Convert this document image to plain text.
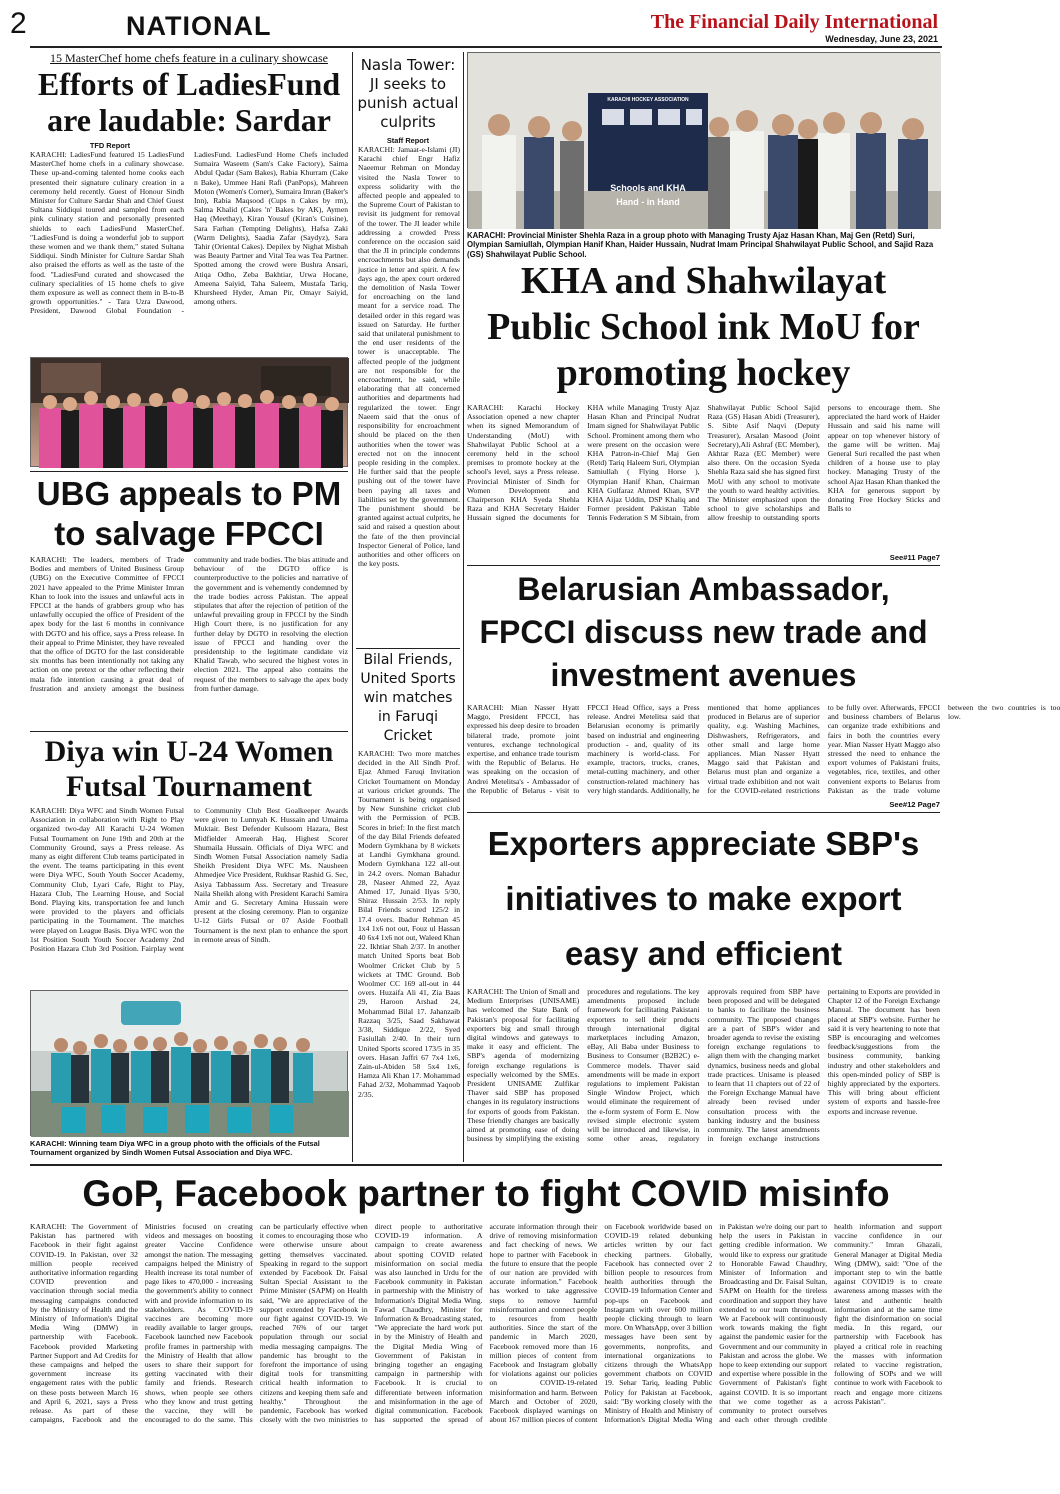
2	NATIONAL	The Financial Daily International
Wednesday, June 23, 2021
15 MasterChef home chefs feature in a culinary showcase
Efforts of LadiesFund are laudable: Sardar
TFD Report
KARACHI: LadiesFund featured 15 LadiesFund MasterChef home chefs in a culinary showcase. These up-and-coming talented home cooks each presented their signature culinary creation in a ceremony held recently. Guest of Honour Sindh Minister for Culture Sardar Shah and Chief Guest Sultana Siddiqui toured and sampled from each pink culinary station and personally presented shields to each LadiesFund MasterChef. "LadiesFund is doing a wonderful job to support these women and we thank them," stated Sultana Siddiqui. Sindh Minister for Culture Sardar Shah also praised the efforts as well as the taste of the food. "LadiesFund curated and showcased the culinary specialities of 15 home chefs to give them exposure as well as connect them in B-to-B growth opportunities." - Tara Uzra Dawood, President, Dawood Global Foundation - LadiesFund. LadiesFund Home Chefs included Sumaira Waseem (Sam's Cake Factory), Saima Abdul Qadar (Sam Bakes), Rabia Khurram (Cake n Bake), Ummee Hani Rafi (PanPops), Mahreen Moton (Women's Corner), Sumaira Imran (Baker's Inn), Rabia Maqsood (Cups n Cakes by rm), Salma Khalid (Cakes 'n' Bakes by AK), Aymen Haq (Meethay), Kiran Yousuf (Kiran's Cuisine), Sara Farhan (Tempting Delights), Hafsa Zaki (Warm Delights), Saadia Zafar (Saydyz), Sara Tahir (Oriental Cakes). Depilex by Nighat Misbah was Beauty Partner and Vital Tea was Tea Partner. Spotted among the crowd were Bushra Ansari, Atiqa Odho, Zeba Bakhtiar, Urwa Hocane, Ameena Saiyid, Taha Saleem, Mustafa Tariq, Khursheed Hyder, Aman Pir, Omayr Saiyid, among others.
UBG appeals to PM to salvage FPCCI
KARACHI: The leaders, members of Trade Bodies and members of United Business Group (UBG) on the Executive Committee of FPCCI 2021 have appealed to the Prime Minister Imran Khan to look into the issues and unlawful acts in FPCCI at the hands of grabbers group who has unlawfully occupied the office of President of the apex body for the last 6 months in connivance with DGTO and his office, says a Press release. In their appeal to Prime Minister, they have revealed that the office of DGTO for the last considerable six months has been intentionally not taking any action on one pretext or the other reflecting their mala fide intention causing a great deal of frustration and anxiety amongst the business community and trade bodies. The bias attitude and behaviour of the DGTO office is counterproductive to the policies and narrative of the government and is vehemently condemned by the trade bodies across Pakistan. The appeal stipulates that after the rejection of petition of the unlawful prevailing group in FPCCI by the Sindh High Court there, is no justification for any further delay by DGTO in resolving the election issue of FPCCI and handing over the presidentship to the legitimate candidate viz Khalid Tawab, who secured the highest votes in election 2021. The appeal also contains the request of the members to salvage the apex body from further damage.
Diya win U-24 Women Futsal Tournament
KARACHI: Diya WFC and Sindh Women Futsal Association in collaboration with Right to Play organized two-day All Karachi U-24 Women Futsal Tournament on June 19th and 20th at the Community Ground, says a Press release. As many as eight different Club teams participated in the event. The teams participating in this event were Diya WFC, South Youth Soccer Academy, Community Club, Lyari Cafe, Right to Play, Hazara Club, The Learning House, and Social Bond. Playing kits, transportation fee and lunch were provided to the players and officials participating in the Tournament. The matches were played on League Basis. Diya WFC won the 1st Position South Youth Soccer Academy 2nd Position Hazara Club 3rd Position. Fairplay went to Community Club Best Goalkeeper Awards were given to Lunnyah K. Hussain and Umaima Muktair. Best Defender Kulsoom Hazara, Best Midfielder Ameerah Haq, Highest Scorer Shumaila Hussain. Officials of Diya WFC and Sindh Women Futsal Association namely Sadia Sheikh President Diya WFC Ms. Nausheen Ahmedjee Vice President, Rukhsar Rashid G. Sec, Asiya Tabbassum Ass. Secretary and Treasure Naila Sheikh along with President Karachi Samira Amir and G. Secretary Amina Hussain were present at the closing ceremony. Plan to organize U-12 Girls Futsal or 07 Aside Football Tournament is the next plan to enhance the sport in remote areas of Sindh.
KARACHI: Winning team Diya WFC in a group photo with the officials of the Futsal Tournament organized by Sindh Women Futsal Association and Diya WFC.
Nasla Tower: JI seeks to punish actual culprits
Staff Report
KARACHI: Jamaat-e-Islami (JI) Karachi chief Engr Hafiz Naeemur Rehman on Monday visited the Nasla Tower to express solidarity with the affected people and appealed to the Supreme Court of Pakistan to revisit its judgment for removal of the tower. The JI leader while addressing a crowded Press conference on the occasion said that the JI in principle condemns encroachments but also demands justice in letter and spirit. A few days ago, the apex court ordered the demolition of Nasla Tower for encroaching on the land meant for a service road. The detailed order in this regard was issued on Saturday. He further said that unilateral punishment to the end user residents of the tower is unacceptable. The affected people of the judgment are not responsible for the encroachment, he said, while elaborating that all concerned authorities and departments had regularized the tower. Engr Naeem said that the onus of responsibility for encroachment should be placed on the then authorities when the tower was erected not on the innocent people residing in the complex. He further said that the people pushing out of the tower have been paying all taxes and liabilities set by the government. The punishment should be granted against actual culprits, he said and raised a question about the fate of the then provincial Inspector General of Police, land authorities and other officers on the key posts.
Bilal Friends, United Sports win matches in Faruqi Cricket
KARACHI: Two more matches decided in the All Sindh Prof. Ejaz Ahmed Faruqi Invitation Cricket Tournament on Monday at various cricket grounds. The Tournament is being organised by New Sunshine cricket club with the Permission of PCB. Scores in brief: In the first match of the day Bilal Friends defeated Modern Gymkhana by 8 wickets at Landhi Gymkhana ground. Modern Gymkhana 122 all-out in 24.2 overs. Noman Bahadur 28, Naseer Ahmed 22, Ayaz Ahmed 17, Junaid Ilyas 5/30, Shiraz Hussain 2/53. In reply Bilal Friends scored 125/2 in 17.4 overs. Ibadur Rehman 45 1x4 1x6 not out, Fouz ul Hassan 40 6x4 1x6 not out, Waleed Khan 22. Ikhtiar Shah 2/37. In another match United Sports beat Bob Woolmer Cricket Club by 5 wickets at TMC Ground. Bob Woolmer CC 169 all-out in 44 overs. Huzaifa Ali 41, Zia Baas 29, Haroon Arshad 24, Mohammad Bilal 17. Jahanzaib Razzaq 3/25, Saad Sakhawat 3/38, Siddique 2/22, Syed Fasiullah 2/40. In their turn United Sports scored 173/5 in 35 overs. Hasan Jaffri 67 7x4 1x6, Zain-ul-Abiden 58 5x4 1x6, Hamza Ali Khan 17. Mohammad Fahad 2/32, Mohammad Yaqoob 2/35.
KARACHI HOCKEY ASSOCIATION
Schools and KHA
Hand - in Hand
KARACHI: Provincial Minister Shehla Raza in a group photo with Managing Trusty Ajaz Hasan Khan, Maj Gen (Retd) Suri, Olympian Samiullah, Olympian Hanif Khan, Haider Hussain, Nudrat Imam Principal Shahwilayat Public School, and Sajid Raza (GS) Shahwilayat Public School.
KHA and Shahwilayat Public School ink MoU for promoting hockey
KARACHI: Karachi Hockey Association opened a new chapter when its signed Memorandum of Understanding (MoU) with Shahwilayat Public School at a ceremony held in the school premises to promote hockey at the school's level, says a Press release. Provincial Minister of Sindh for Women Development and Chairperson KHA Syeda Shehla Raza and KHA Secretary Haider Hussain signed the documents for KHA while Managing Trusty Ajaz Hasan Khan and Principal Nudrat Imam signed for Shahwilayat Public School. Prominent among them who were present on the occasion were KHA Patron-in-Chief Maj Gen (Retd) Tariq Haleem Suri, Olympian Samiullah ( Flying Horse ), Olympian Hanif Khan, Chairman KHA Gulfaraz Ahmed Khan, SVP KHA Aijaz Uddin, DSP Khaliq and Former president Pakistan Table Tennis Federation S M Sibtain, from Shahwilayat Public School Sajid Raza (GS) Hasan Abidi (Treasurer), S. Sibte Asif Naqvi (Deputy Treasurer), Arsalan Masood (Joint Secretary),Ali Ashraf (EC Member), Akhtar Raza (EC Member) were also there. On the occasion Syeda Shehla Raza said she has signed first MoU with any school to motivate the youth to ward healthy activities. The Minister emphasized upon the school to give scholarships and allow freeship to outstanding sports persons to encourage them. She appreciated the hard work of Haider Hussain and said his name will appear on top whenever history of the game will be written. Maj General Suri recalled the past when children of a house use to play hockey. Managing Trusty of the school Ajaz Hasan Khan thanked the KHA for generous support by donating Free Hockey Sticks and Balls to
See#11 Page7
Belarusian Ambassador, FPCCI discuss new trade and investment avenues
KARACHI: Mian Nasser Hyatt Maggo, President FPCCI, has expressed his deep desire to broaden bilateral trade, promote joint ventures, exchange technological expertise, and enhance trade tourism with the Republic of Belarus. He was speaking on the occasion of Andrei Metelitsa's - Ambassador of the Republic of Belarus - visit to FPCCI Head Office, says a Press release. Andrei Metelitsa said that Belarusian economy is primarily based on industrial and engineering production - and, quality of its machinery is world-class. For example, tractors, trucks, cranes, metal-cutting machinery, and other construction-related machinery has very high standards. Additionally, he mentioned that home appliances produced in Belarus are of superior quality, e.g. Washing Machines, Dishwashers, Refrigerators, and other small and large home appliances. Mian Nasser Hyatt Maggo said that Pakistan and Belarus must plan and organize a virtual trade exhibition and not wait for the COVID-related restrictions to be fully over. Afterwards, FPCCI and business chambers of Belarus can organize trade exhibitions and fairs in both the countries every year. Mian Nasser Hyatt Maggo also stressed the need to enhance the export volumes of Pakistani fruits, vegetables, rice, textiles, and other convenient exports to Belarus from Pakistan as the trade volume between the two countries is too low.
See#12 Page7
Exporters appreciate SBP's initiatives to make export easy and efficient
KARACHI: The Union of Small and Medium Enterprises (UNISAME) has welcomed the State Bank of Pakistan's proposal for facilitating exporters big and small through digital windows and gateways to make it easy and efficient. The SBP's agenda of modernizing foreign exchange regulations is especially welcomed by the SMEs. President UNISAME Zulfikar Thaver said SBP has proposed changes in its regulatory instructions for exports of goods from Pakistan. These friendly changes are basically aimed at promoting ease of doing business by simplifying the existing procedures and regulations. The key amendments proposed include framework for facilitating Pakistani exporters to sell their products through international digital marketplaces including Amazon, eBay, Ali Baba under Business to Business to Consumer (B2B2C) e-Commerce models. Thaver said amendments will be made in export regulations to implement Pakistan Single Window Project, which would eliminate the requirement of the e-form system of Form E. Now revised simple electronic system will be introduced and likewise, in some other areas, regulatory approvals required from SBP have been proposed and will be delegated to banks to facilitate the business community. The proposed changes are a part of SBP's wider and broader agenda to revise the existing foreign exchange regulations to align them with the changing market dynamics, business needs and global trade practices. Unisame is pleased to learn that 11 chapters out of 22 of the Foreign Exchange Manual have already been revised under consultation process with the banking industry and the business community. The latest amendments in foreign exchange instructions pertaining to Exports are provided in Chapter 12 of the Foreign Exchange Manual. The document has been placed at SBP's website. Further he said it is very heartening to note that SBP is encouraging and welcomes feedback/suggestions from the business community, banking industry and other stakeholders and this open-minded policy of SBP is highly appreciated by the exporters. This will bring about efficient system of exports and hassle-free exports and increase revenue.
GoP, Facebook partner to fight COVID misinfo
KARACHI: The Government of Pakistan has partnered with Facebook in their fight against COVID-19. In Pakistan, over 32 million people received authoritative information regarding COVID prevention and vaccination through social media messaging campaigns conducted by the Ministry of Health and the Ministry of Information's Digital Media Wing (DMW) in partnership with Facebook. Facebook provided Marketing Partner Support and Ad Credits for these campaigns and helped the government increase its engagement rates with the public on these posts between March 16 and April 6, 2021, says a Press release. As part of these campaigns, Facebook and the Ministries focused on creating videos and messages on boosting greater Vaccine Confidence amongst the nation. The messaging campaigns helped the Ministry of Health increase its total number of page likes to 470,000 - increasing the government's ability to connect with and provide information to its stakeholders. As COVID-19 vaccines are becoming more readily available to larger groups, Facebook launched new Facebook profile frames in partnership with the Ministry of Health that allow users to share their support for getting vaccinated with their family and friends. Research shows, when people see others who they know and trust getting the vaccine, they will be encouraged to do the same. This can be particularly effective when it comes to encouraging those who were otherwise unsure about getting themselves vaccinated. Speaking in regard to the support extended by Facebook Dr. Faisal Sultan Special Assistant to the Prime Minister (SAPM) on Health said, "We are appreciative of the support extended by Facebook in our fight against COVID-19. We reached 76% of our target population through our social media messaging campaigns. The pandemic has brought to the forefront the importance of using digital tools for transmitting critical health information to citizens and keeping them safe and healthy." Throughout the pandemic, Facebook has worked closely with the two ministries to direct people to authoritative COVID-19 information. A campaign to create awareness about spotting COVID related misinformation on social media was also launched in Urdu for the Facebook community in Pakistan in partnership with the Ministry of Information's Digital Media Wing. Fawad Chaudhry, Minister for Information & Broadcasting stated, "We appreciate the hard work put in by the Ministry of Health and the Digital Media Wing of Government of Pakistan in bringing together an engaging campaign in partnership with Facebook. It is crucial to differentiate between information and misinformation in the age of digital communication. Facebook has supported the spread of accurate information through their drive of removing misinformation and fact checking of news. We hope to partner with Facebook in the future to ensure that the people of our nation are provided with accurate information." Facebook has worked to take aggressive steps to remove harmful misinformation and connect people to resources from health authorities. Since the start of the pandemic in March 2020, Facebook removed more than 16 million pieces of content from Facebook and Instagram globally for violations against our policies on COVID-19-related misinformation and harm. Between March and October of 2020, Facebook displayed warnings on about 167 million pieces of content on Facebook worldwide based on COVID-19 related debunking articles written by our fact checking partners. Globally, Facebook has connected over 2 billion people to resources from health authorities through the COVID-19 Information Center and pop-ups on Facebook and Instagram with over 600 million people clicking through to learn more. On WhatsApp, over 3 billion messages have been sent by governments, nonprofits, and international organizations to citizens through the WhatsApp government chatbots on COVID 19. Sehar Tariq, leading Public Policy for Pakistan at Facebook, said: "By working closely with the Ministry of Health and Ministry of Information's Digital Media Wing in Pakistan we're doing our part to help the users in Pakistan in getting credible information. We would like to express our gratitude to Honorable Fawad Chaudhry, Minister of Information and Broadcasting and Dr. Faisal Sultan, SAPM on Health for the tireless coordination and support they have extended to our team throughout. We at Facebook will continuously work towards making the fight against the pandemic easier for the Government and our community in Pakistan and across the globe. We hope to keep extending our support and expertise where possible in the Government of Pakistan's fight against COVID. It is so important that we come together as a community to protect ourselves and each other through credible health information and support vaccine confidence in our community." Imran Ghazali, General Manager at Digital Media Wing (DMW), said: "One of the important step to win the battle against COVID19 is to create awareness among masses with the latest and authentic health information and at the same time fight the disinformation on social media. In this regard, our partnership with Facebook has played a critical role in reaching the masses with information related to vaccine registration, following of SOPs and we will continue to work with Facebook to reach and engage more citizens across Pakistan".
